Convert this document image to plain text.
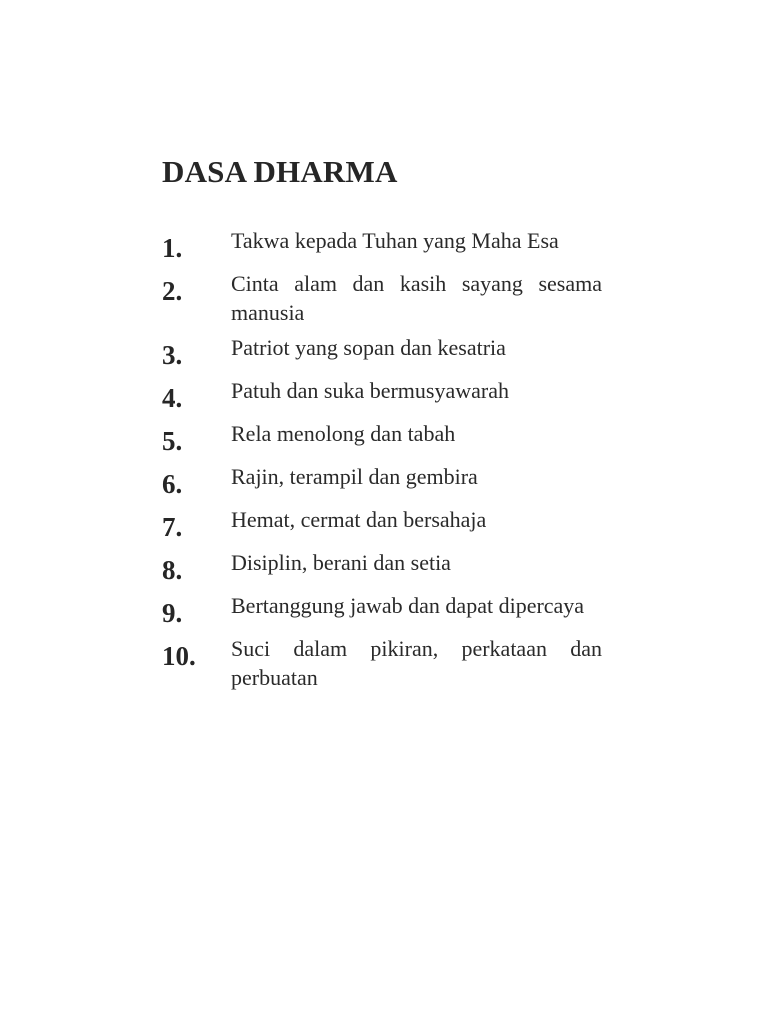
DASA DHARMA
1.	Takwa kepada Tuhan yang Maha Esa
2.	Cinta alam dan kasih sayang sesama manusia
3.	Patriot yang sopan dan kesatria
4.	Patuh dan suka bermusyawarah
5.	Rela menolong dan tabah
6.	Rajin, terampil dan gembira
7.	Hemat, cermat dan bersahaja
8.	Disiplin, berani dan setia
9.	Bertanggung jawab dan dapat dipercaya
10.	Suci dalam pikiran, perkataan dan perbuatan
